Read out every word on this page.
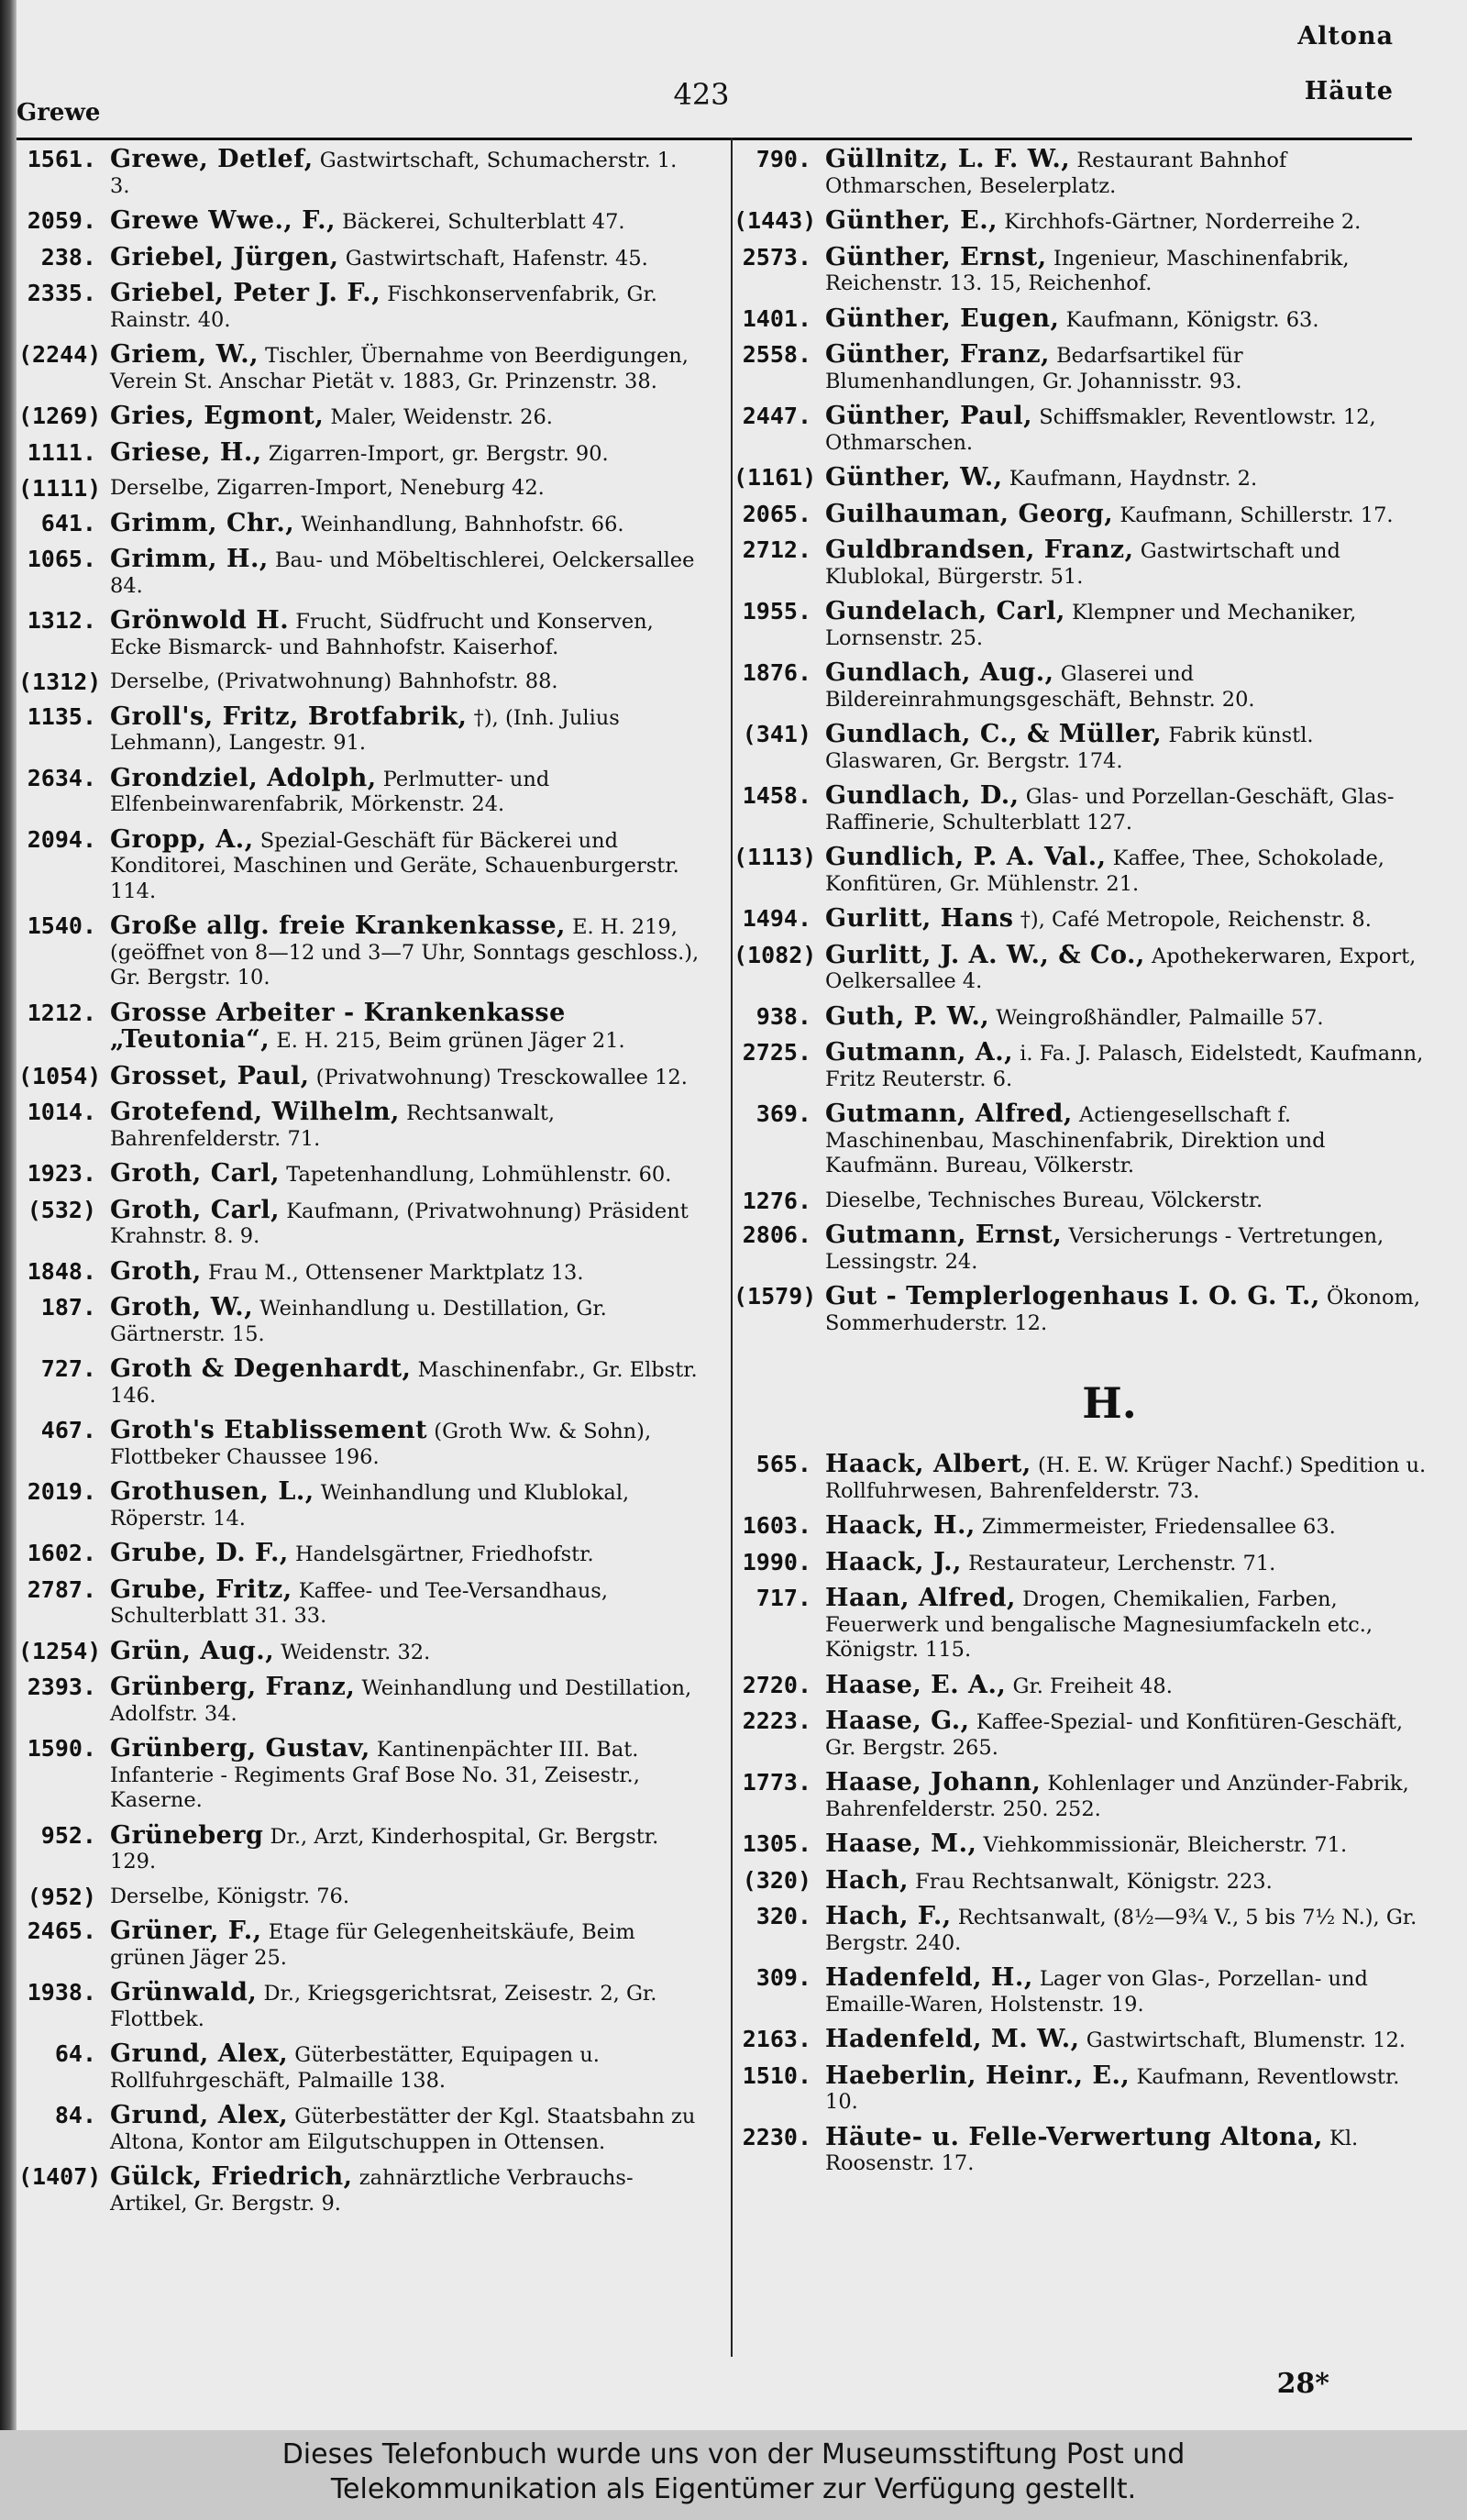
Grewe
423
Altona
Häute
1561. Grewe, Detlef, Gastwirtschaft, Schumacherstr. 1. 3.
2059. Grewe Wwe., F., Bäckerei, Schulterblatt 47.
238. Griebel, Jürgen, Gastwirtschaft, Hafenstr. 45.
2335. Griebel, Peter J. F., Fischkonservenfabrik, Gr. Rainstr. 40.
(2244) Griem, W., Tischler, Übernahme von Beerdigungen, Verein St. Anschar Pietät v. 1883, Gr. Prinzenstr. 38.
(1269) Gries, Egmont, Maler, Weidenstr. 26.
1111. Griese, H., Zigarren-Import, gr. Bergstr. 90.
(1111) Derselbe, Zigarren-Import, Neneburg 42.
641. Grimm, Chr., Weinhandlung, Bahnhofstr. 66.
1065. Grimm, H., Bau- und Möbeltischlerei, Oelckersallee 84.
1312. Grönwold H. Frucht, Südfrucht und Konserven, Ecke Bismarck- und Bahnhofstr. Kaiserhof.
(1312) Derselbe, (Privatwohnung) Bahnhofstr. 88.
1135. Groll's, Fritz, Brotfabrik, †), (Inh. Julius Lehmann), Langestr. 91.
2634. Grondziel, Adolph, Perlmutter- und Elfenbeinwarenfabrik, Mörkenstr. 24.
2094. Gropp, A., Spezial-Geschäft für Bäckerei und Konditorei, Maschinen und Geräte, Schauenburgerstr. 114.
1540. Große allg. freie Krankenkasse, E. H. 219, (geöffnet von 8—12 und 3—7 Uhr, Sonntags geschloss.), Gr. Bergstr. 10.
1212. Grosse Arbeiter - Krankenkasse „Teutonia“, E. H. 215, Beim grünen Jäger 21.
(1054) Grosset, Paul, (Privatwohnung) Tresckowallee 12.
1014. Grotefend, Wilhelm, Rechtsanwalt, Bahrenfelderstr. 71.
1923. Groth, Carl, Tapetenhandlung, Lohmühlenstr. 60.
(532) Groth, Carl, Kaufmann, (Privatwohnung) Präsident Krahnstr. 8. 9.
1848. Groth, Frau M., Ottensener Marktplatz 13.
187. Groth, W., Weinhandlung u. Destillation, Gr. Gärtnerstr. 15.
727. Groth & Degenhardt, Maschinenfabr., Gr. Elbstr. 146.
467. Groth's Etablissement (Groth Ww. & Sohn), Flottbeker Chaussee 196.
2019. Grothusen, L., Weinhandlung und Klublokal, Röperstr. 14.
1602. Grube, D. F., Handelsgärtner, Friedhofstr.
2787. Grube, Fritz, Kaffee- und Tee-Versandhaus, Schulterblatt 31. 33.
(1254) Grün, Aug., Weidenstr. 32.
2393. Grünberg, Franz, Weinhandlung und Destillation, Adolfstr. 34.
1590. Grünberg, Gustav, Kantinenpächter III. Bat. Infanterie - Regiments Graf Bose No. 31, Zeisestr., Kaserne.
952. Grüneberg Dr., Arzt, Kinderhospital, Gr. Bergstr. 129.
(952) Derselbe, Königstr. 76.
2465. Grüner, F., Etage für Gelegenheitskäufe, Beim grünen Jäger 25.
1938. Grünwald, Dr., Kriegsgerichtsrat, Zeisestr. 2, Gr. Flottbek.
64. Grund, Alex, Güterbestätter, Equipagen u. Rollfuhrgeschäft, Palmaille 138.
84. Grund, Alex, Güterbestätter der Kgl. Staatsbahn zu Altona, Kontor am Eilgutschuppen in Ottensen.
(1407) Gülck, Friedrich, zahnärztliche Verbrauchs-Artikel, Gr. Bergstr. 9.
790. Güllnitz, L. F. W., Restaurant Bahnhof Othmarschen, Beselerplatz.
(1443) Günther, E., Kirchhofs-Gärtner, Norderreihe 2.
2573. Günther, Ernst, Ingenieur, Maschinenfabrik, Reichenstr. 13. 15, Reichenhof.
1401. Günther, Eugen, Kaufmann, Königstr. 63.
2558. Günther, Franz, Bedarfsartikel für Blumenhandlungen, Gr. Johannisstr. 93.
2447. Günther, Paul, Schiffsmakler, Reventlowstr. 12, Othmarschen.
(1161) Günther, W., Kaufmann, Haydnstr. 2.
2065. Guilhauman, Georg, Kaufmann, Schillerstr. 17.
2712. Guldbrandsen, Franz, Gastwirtschaft und Klublokal, Bürgerstr. 51.
1955. Gundelach, Carl, Klempner und Mechaniker, Lornsenstr. 25.
1876. Gundlach, Aug., Glaserei und Bildereinrahmungsgeschäft, Behnstr. 20.
(341) Gundlach, C., & Müller, Fabrik künstl. Glaswaren, Gr. Bergstr. 174.
1458. Gundlach, D., Glas- und Porzellan-Geschäft, Glas-Raffinerie, Schulterblatt 127.
(1113) Gundlich, P. A. Val., Kaffee, Thee, Schokolade, Konfitüren, Gr. Mühlenstr. 21.
1494. Gurlitt, Hans †), Café Metropole, Reichenstr. 8.
(1082) Gurlitt, J. A. W., & Co., Apothekerwaren, Export, Oelkersallee 4.
938. Guth, P. W., Weingroßhändler, Palmaille 57.
2725. Gutmann, A., i. Fa. J. Palasch, Eidelstedt, Kaufmann, Fritz Reuterstr. 6.
369. Gutmann, Alfred, Actiengesellschaft f. Maschinenbau, Maschinenfabrik, Direktion und Kaufmänn. Bureau, Völkerstr.
1276. Dieselbe, Technisches Bureau, Völckerstr.
2806. Gutmann, Ernst, Versicherungs - Vertretungen, Lessingstr. 24.
(1579) Gut - Templerlogenhaus I. O. G. T., Ökonom, Sommerhuderstr. 12.
H.
565. Haack, Albert, (H. E. W. Krüger Nachf.) Spedition u. Rollfuhrwesen, Bahrenfelderstr. 73.
1603. Haack, H., Zimmermeister, Friedensallee 63.
1990. Haack, J., Restaurateur, Lerchenstr. 71.
717. Haan, Alfred, Drogen, Chemikalien, Farben, Feuerwerk und bengalische Magnesiumfackeln etc., Königstr. 115.
2720. Haase, E. A., Gr. Freiheit 48.
2223. Haase, G., Kaffee-Spezial- und Konfitüren-Geschäft, Gr. Bergstr. 265.
1773. Haase, Johann, Kohlenlager und Anzünder-Fabrik, Bahrenfelderstr. 250. 252.
1305. Haase, M., Viehkommissionär, Bleicherstr. 71.
(320) Hach, Frau Rechtsanwalt, Königstr. 223.
320. Hach, F., Rechtsanwalt, (8½—9¾ V., 5 bis 7½ N.), Gr. Bergstr. 240.
309. Hadenfeld, H., Lager von Glas-, Porzellan- und Emaille-Waren, Holstenstr. 19.
2163. Hadenfeld, M. W., Gastwirtschaft, Blumenstr. 12.
1510. Haeberlin, Heinr., E., Kaufmann, Reventlowstr. 10.
2230. Häute- u. Felle-Verwertung Altona, Kl. Roosenstr. 17.
28*
Dieses Telefonbuch wurde uns von der Museumsstiftung Post und
Telekommunikation als Eigentümer zur Verfügung gestellt.
